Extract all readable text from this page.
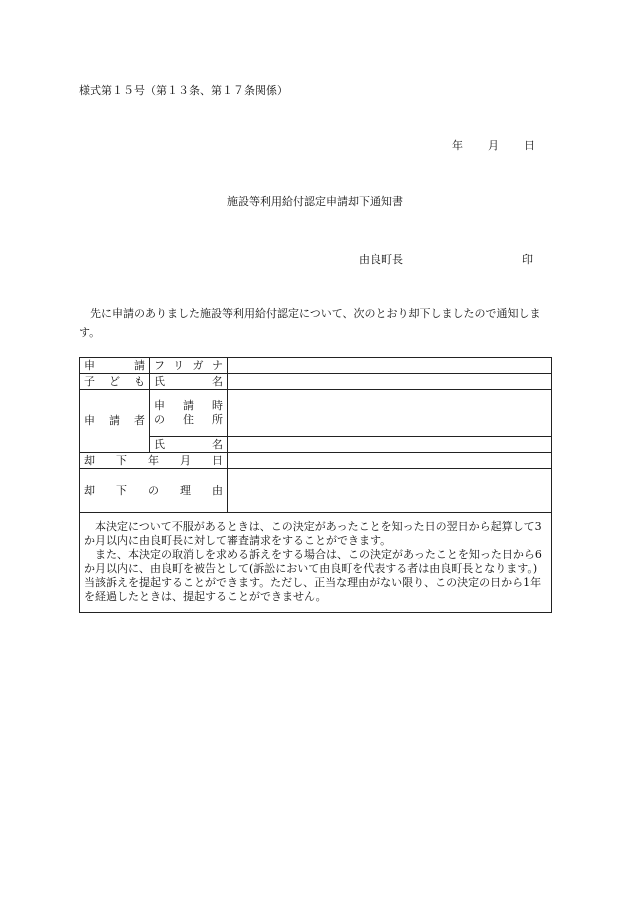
様式第１５号（第１３条、第１７条関係）
年 月 日
施設等利用給付認定申請却下通知書
由良町長	印
先に申請のありました施設等利用給付認定について、次のとおり却下しましたので通知します。
申　　請	フリガナ	
子　ど　も	氏　　名	
申　請　者	申　請　時
の　住　所	

	氏　　名	
却下年月日		
却　下　の　理　由		

本決定について不服があるときは、この決定があったことを知った日の翌日から起算して3か月以内に由良町長に対して審査請求をすることができます。

また、本決定の取消しを求める訴えをする場合は、この決定があったことを知った日から6か月以内に、由良町を被告として(訴訟において由良町を代表する者は由良町長となります。)当該訴えを提起することができます。ただし、正当な理由がない限り、この決定の日から1年を経過したときは、提起することができません。		
